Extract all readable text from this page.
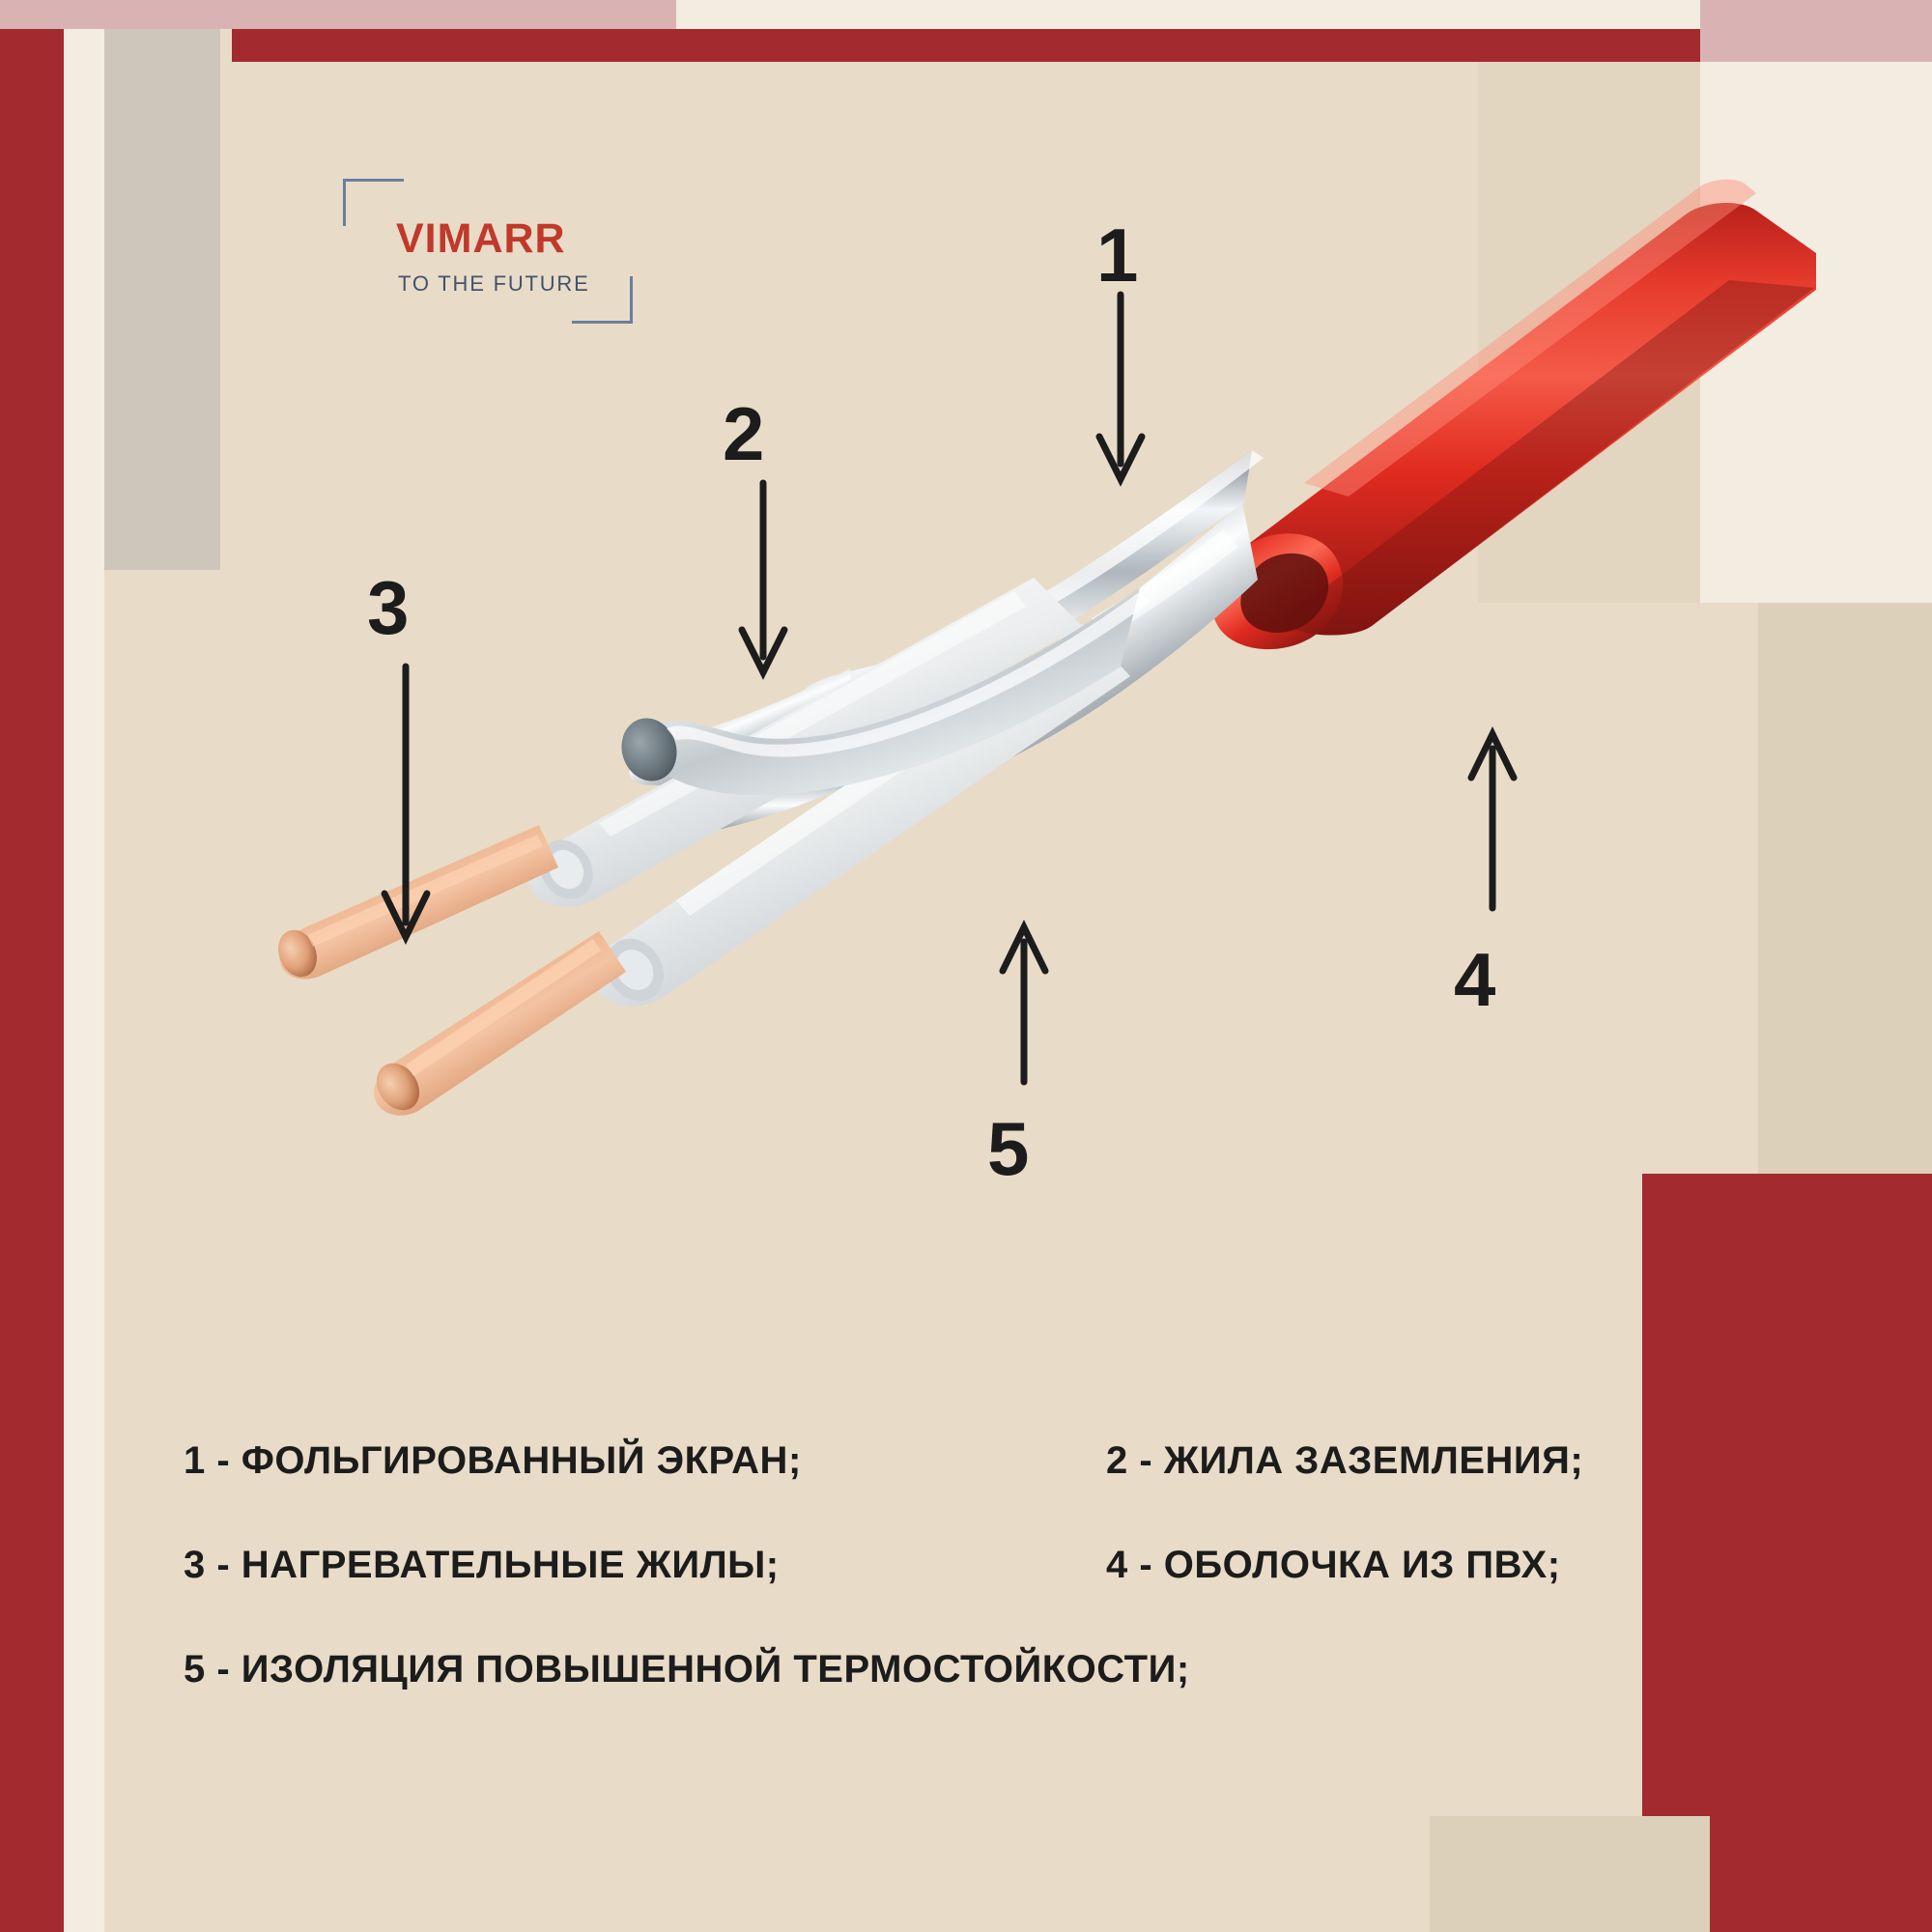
VIMARR
TO THE FUTURE	1
2
3
4
5
1 - ФОЛЬГИРОВАННЫЙ ЭКРАН;	2 - ЖИЛА ЗАЗЕМЛЕНИЯ;
3 - НАГРЕВАТЕЛЬНЫЕ ЖИЛЫ;	4 - ОБОЛОЧКА ИЗ ПВХ;
5 - ИЗОЛЯЦИЯ ПОВЫШЕННОЙ ТЕРМОСТОЙКОСТИ;
